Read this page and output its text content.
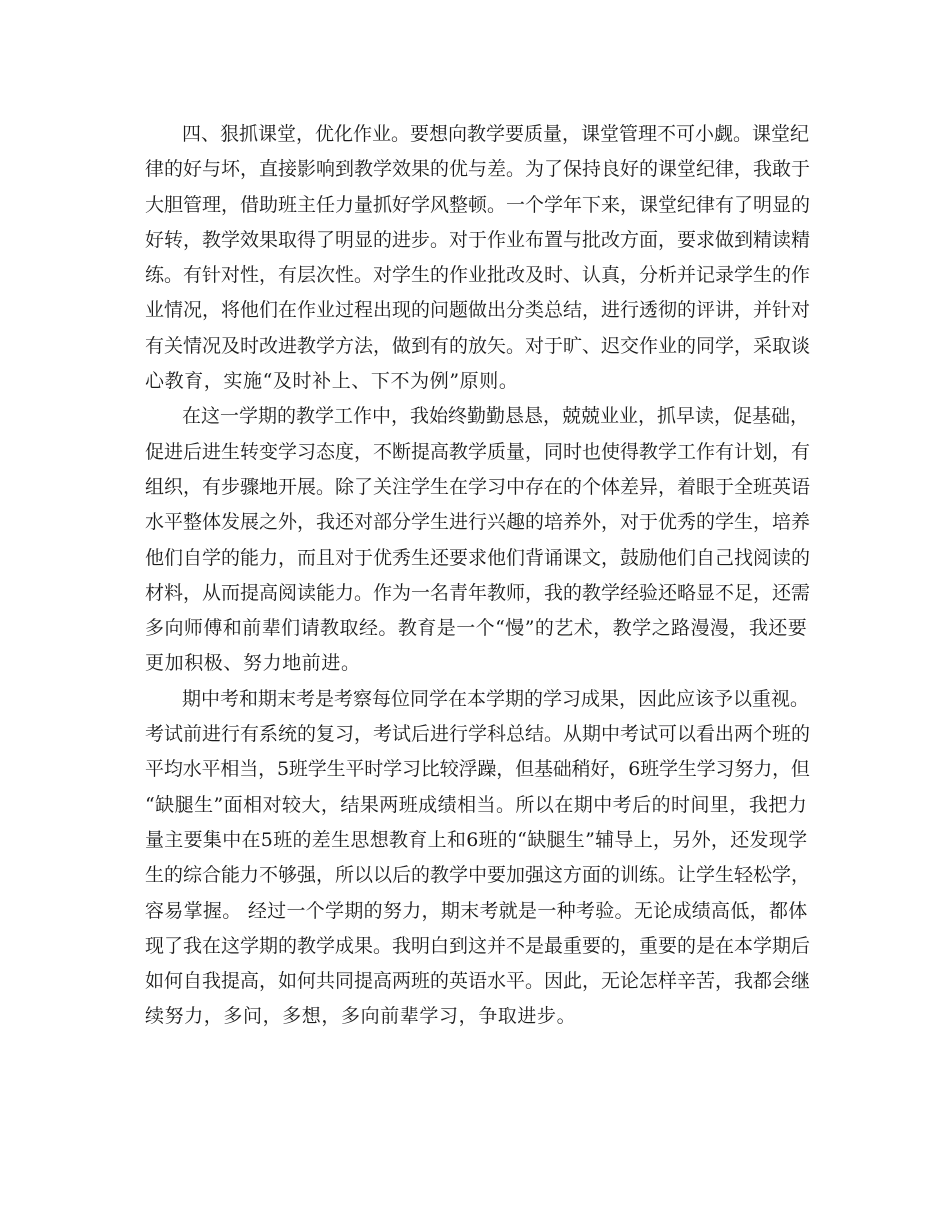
四、狠抓课堂，优化作业。要想向教学要质量，课堂管理不可小觑。课堂纪
律的好与坏，直接影响到教学效果的优与差。为了保持良好的课堂纪律，我敢于
大胆管理，借助班主任力量抓好学风整顿。一个学年下来，课堂纪律有了明显的
好转，教学效果取得了明显的进步。对于作业布置与批改方面，要求做到精读精
练。有针对性，有层次性。对学生的作业批改及时、认真，分析并记录学生的作
业情况，将他们在作业过程出现的问题做出分类总结，进行透彻的评讲，并针对
有关情况及时改进教学方法，做到有的放矢。对于旷、迟交作业的同学，采取谈
心教育，实施“及时补上、下不为例”原则。
在这一学期的教学工作中，我始终勤勤恳恳，兢兢业业，抓早读，促基础，
促进后进生转变学习态度，不断提高教学质量，同时也使得教学工作有计划，有
组织，有步骤地开展。除了关注学生在学习中存在的个体差异，着眼于全班英语
水平整体发展之外，我还对部分学生进行兴趣的培养外，对于优秀的学生，培养
他们自学的能力，而且对于优秀生还要求他们背诵课文，鼓励他们自己找阅读的
材料，从而提高阅读能力。作为一名青年教师，我的教学经验还略显不足，还需
多向师傅和前辈们请教取经。教育是一个“慢”的艺术，教学之路漫漫，我还要
更加积极、努力地前进。
期中考和期末考是考察每位同学在本学期的学习成果，因此应该予以重视。
考试前进行有系统的复习，考试后进行学科总结。从期中考试可以看出两个班的
平均水平相当，5班学生平时学习比较浮躁，但基础稍好，6班学生学习努力，但
“缺腿生”面相对较大，结果两班成绩相当。所以在期中考后的时间里，我把力
量主要集中在5班的差生思想教育上和6班的“缺腿生”辅导上，另外，还发现学
生的综合能力不够强，所以以后的教学中要加强这方面的训练。让学生轻松学，
容易掌握。 经过一个学期的努力，期末考就是一种考验。无论成绩高低，都体
现了我在这学期的教学成果。我明白到这并不是最重要的，重要的是在本学期后
如何自我提高，如何共同提高两班的英语水平。因此，无论怎样辛苦，我都会继
续努力，多问，多想，多向前辈学习，争取进步。
